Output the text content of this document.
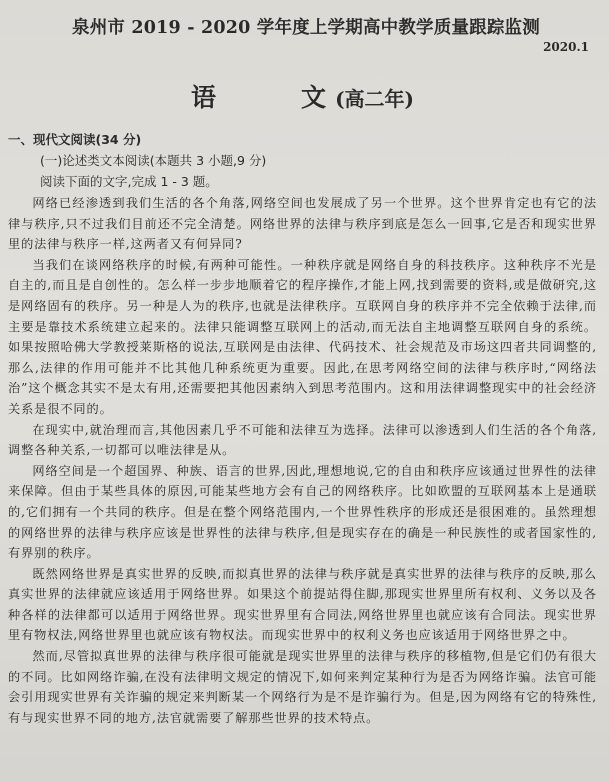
泉州市 2019 - 2020 学年度上学期高中教学质量跟踪监测
2020.1
语　文 (高二年)
一、现代文阅读(34 分)
(一)论述类文本阅读(本题共 3 小题,9 分)
阅读下面的文字,完成 1 - 3 题。

网络已经渗透到我们生活的各个角落,网络空间也发展成了另一个世界。这个世界肯定也有它的法律与秩序,只不过我们目前还不完全清楚。网络世界的法律与秩序到底是怎么一回事,它是否和现实世界里的法律与秩序一样,这两者又有何异同?

当我们在谈网络秩序的时候,有两种可能性。一种秩序就是网络自身的科技秩序。这种秩序不光是自主的,而且是自创性的。怎么样一步步地顺着它的程序操作,才能上网,找到需要的资料,或是做研究,这是网络固有的秩序。另一种是人为的秩序,也就是法律秩序。互联网自身的秩序并不完全依赖于法律,而主要是靠技术系统建立起来的。法律只能调整互联网上的活动,而无法自主地调整互联网自身的系统。如果按照哈佛大学教授莱斯格的说法,互联网是由法律、代码技术、社会规范及市场这四者共同调整的,那么,法律的作用可能并不比其他几种系统更为重要。因此,在思考网络空间的法律与秩序时,“网络法治”这个概念其实不是太有用,还需要把其他因素纳入到思考范围内。这和用法律调整现实中的社会经济关系是很不同的。

在现实中,就治理而言,其他因素几乎不可能和法律互为选择。法律可以渗透到人们生活的各个角落,调整各种关系,一切都可以唯法律是从。

网络空间是一个超国界、种族、语言的世界,因此,理想地说,它的自由和秩序应该通过世界性的法律来保障。但由于某些具体的原因,可能某些地方会有自己的网络秩序。比如欧盟的互联网基本上是通联的,它们拥有一个共同的秩序。但是在整个网络范围内,一个世界性秩序的形成还是很困难的。虽然理想的网络世界的法律与秩序应该是世界性的法律与秩序,但是现实存在的确是一种民族性的或者国家性的,有界别的秩序。

既然网络世界是真实世界的反映,而拟真世界的法律与秩序就是真实世界的法律与秩序的反映,那么真实世界的法律就应该适用于网络世界。如果这个前提站得住脚,那现实世界里所有权利、义务以及各种各样的法律都可以适用于网络世界。现实世界里有合同法,网络世界里也就应该有合同法。现实世界里有物权法,网络世界里也就应该有物权法。而现实世界中的权利义务也应该适用于网络世界之中。

然而,尽管拟真世界的法律与秩序很可能就是现实世界里的法律与秩序的移植物,但是它们仍有很大的不同。比如网络诈骗,在没有法律明文规定的情况下,如何来判定某种行为是否为网络诈骗。法官可能会引用现实世界有关诈骗的规定来判断某一个网络行为是不是诈骗行为。但是,因为网络有它的特殊性,有与现实世界不同的地方,法官就需要了解那些世界的技术特点。
